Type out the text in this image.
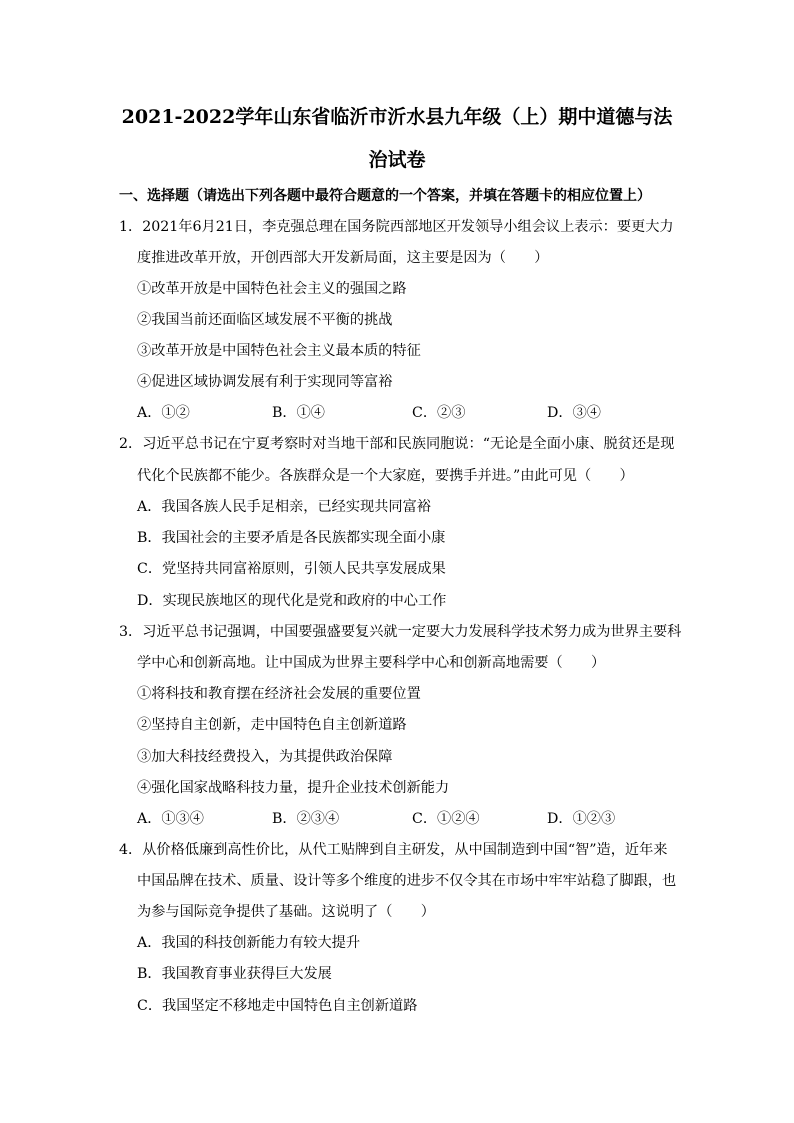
2021-2022学年山东省临沂市沂水县九年级（上）期中道德与法
治试卷
一、选择题（请选出下列各题中最符合题意的一个答案，并填在答题卡的相应位置上）
1．2021年6月21日，李克强总理在国务院西部地区开发领导小组会议上表示：要更大力
度推进改革开放，开创西部大开发新局面，这主要是因为（　　）
①改革开放是中国特色社会主义的强国之路
②我国当前还面临区域发展不平衡的挑战
③改革开放是中国特色社会主义最本质的特征
④促进区域协调发展有利于实现同等富裕
A．①②	B．①④	C．②③	D．③④
2．习近平总书记在宁夏考察时对当地干部和民族同胞说：“无论是全面小康、脱贫还是现
代化个民族都不能少。各族群众是一个大家庭，要携手并进。”由此可见（　　）
A．我国各族人民手足相亲，已经实现共同富裕
B．我国社会的主要矛盾是各民族都实现全面小康
C．党坚持共同富裕原则，引领人民共享发展成果
D．实现民族地区的现代化是党和政府的中心工作
3．习近平总书记强调，中国要强盛要复兴就一定要大力发展科学技术努力成为世界主要科
学中心和创新高地。让中国成为世界主要科学中心和创新高地需要（　　）
①将科技和教育摆在经济社会发展的重要位置
②坚持自主创新，走中国特色自主创新道路
③加大科技经费投入，为其提供政治保障
④强化国家战略科技力量，提升企业技术创新能力
A．①③④	B．②③④	C．①②④	D．①②③
4．从价格低廉到高性价比，从代工贴牌到自主研发，从中国制造到中国“智”造，近年来
中国品牌在技术、质量、设计等多个维度的进步不仅令其在市场中牢牢站稳了脚跟，也
为参与国际竞争提供了基础。这说明了（　　）
A．我国的科技创新能力有较大提升
B．我国教育事业获得巨大发展
C．我国坚定不移地走中国特色自主创新道路
